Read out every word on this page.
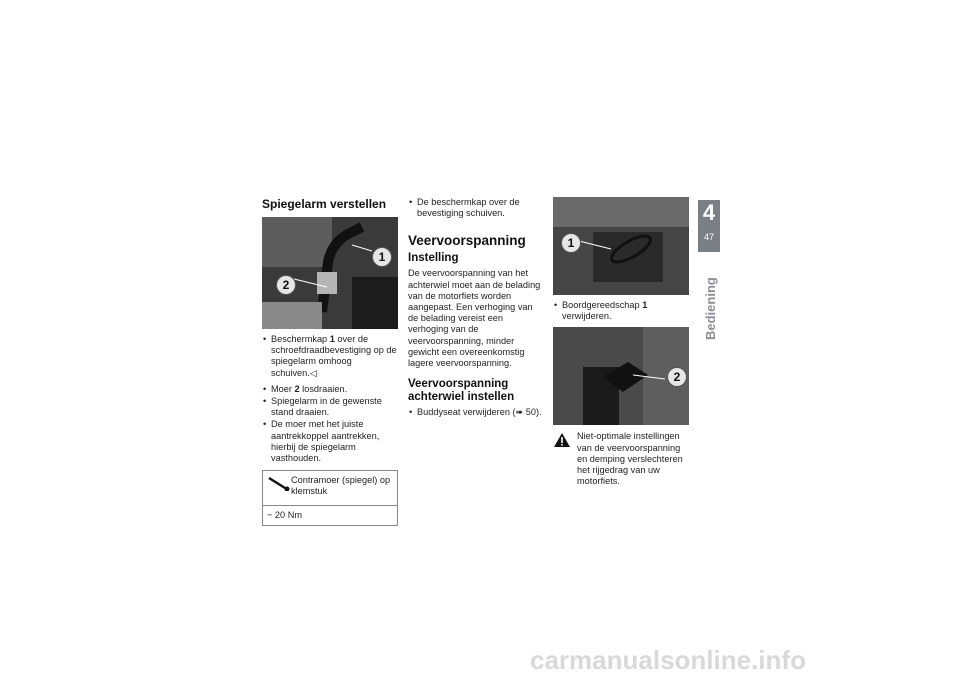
Spiegelarm verstellen
1
2
• Beschermkap 1 over de schroefdraadbevestiging op de spiegelarm omhoog schuiven.◁
• Moer 2 losdraaien.
• Spiegelarm in de gewenste stand draaien.
• De moer met het juiste aantrekkoppel aantrekken, hierbij de spiegelarm vasthouden.

Contramoer (spiegel) op klemstuk

− 20 Nm

• De beschermkap over de bevestiging schuiven.
Veervoorspanning
Instelling

De veervoorspanning van het achterwiel moet aan de belading van de motorfiets worden aangepast. Een verhoging van de belading vereist een verhoging van de veervoorspanning, minder gewicht een overeenkomstig lagere veervoorspanning.

Veervoorspanning achterwiel instellen
• Buddyseat verwijderen (➠ 50).
1
• Boordgereedschap 1 verwijderen.
2

Niet-optimale instellingen van de veervoorspanning en demping verslechteren het rijgedrag van uw motorfiets.

4
47
Bediening
carmanualsonline.info
